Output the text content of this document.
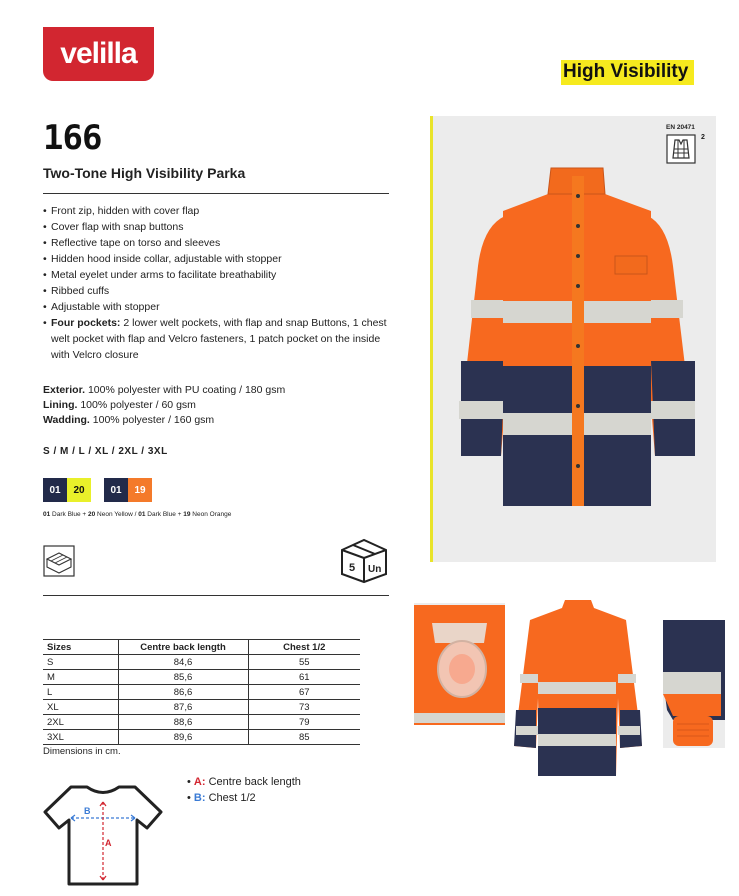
velilla
High Visibility
166
Two-Tone High Visibility Parka
• Front zip, hidden with cover flap
• Cover flap with snap buttons
• Reflective tape on torso and sleeves
• Hidden hood inside collar, adjustable with stopper
• Metal eyelet under arms to facilitate breathability
• Ribbed cuffs
• Adjustable with stopper
• Four pockets: 2 lower welt pockets, with flap and snap Buttons, 1 chest welt pocket with flap and Velcro fasteners, 1 patch pocket on the inside with Velcro closure
Exterior. 100% polyester with PU coating / 180 gsm
Lining. 100% polyester / 60 gsm
Wadding. 100% polyester / 160 gsm
S / M / L / XL / 2XL / 3XL
01	20	01	19
01 Dark Blue + 20 Neon Yellow / 01 Dark Blue + 19 Neon Orange
5 Un
EN 20471
2
Sizes	Centre back length	Chest 1/2
S	84,6	55
M	85,6	61
L	86,6	67
XL	87,6	73
2XL	88,6	79
3XL	89,6	85
Dimensions in cm.
• A: Centre back length
• B: Chest 1/2
B
A
